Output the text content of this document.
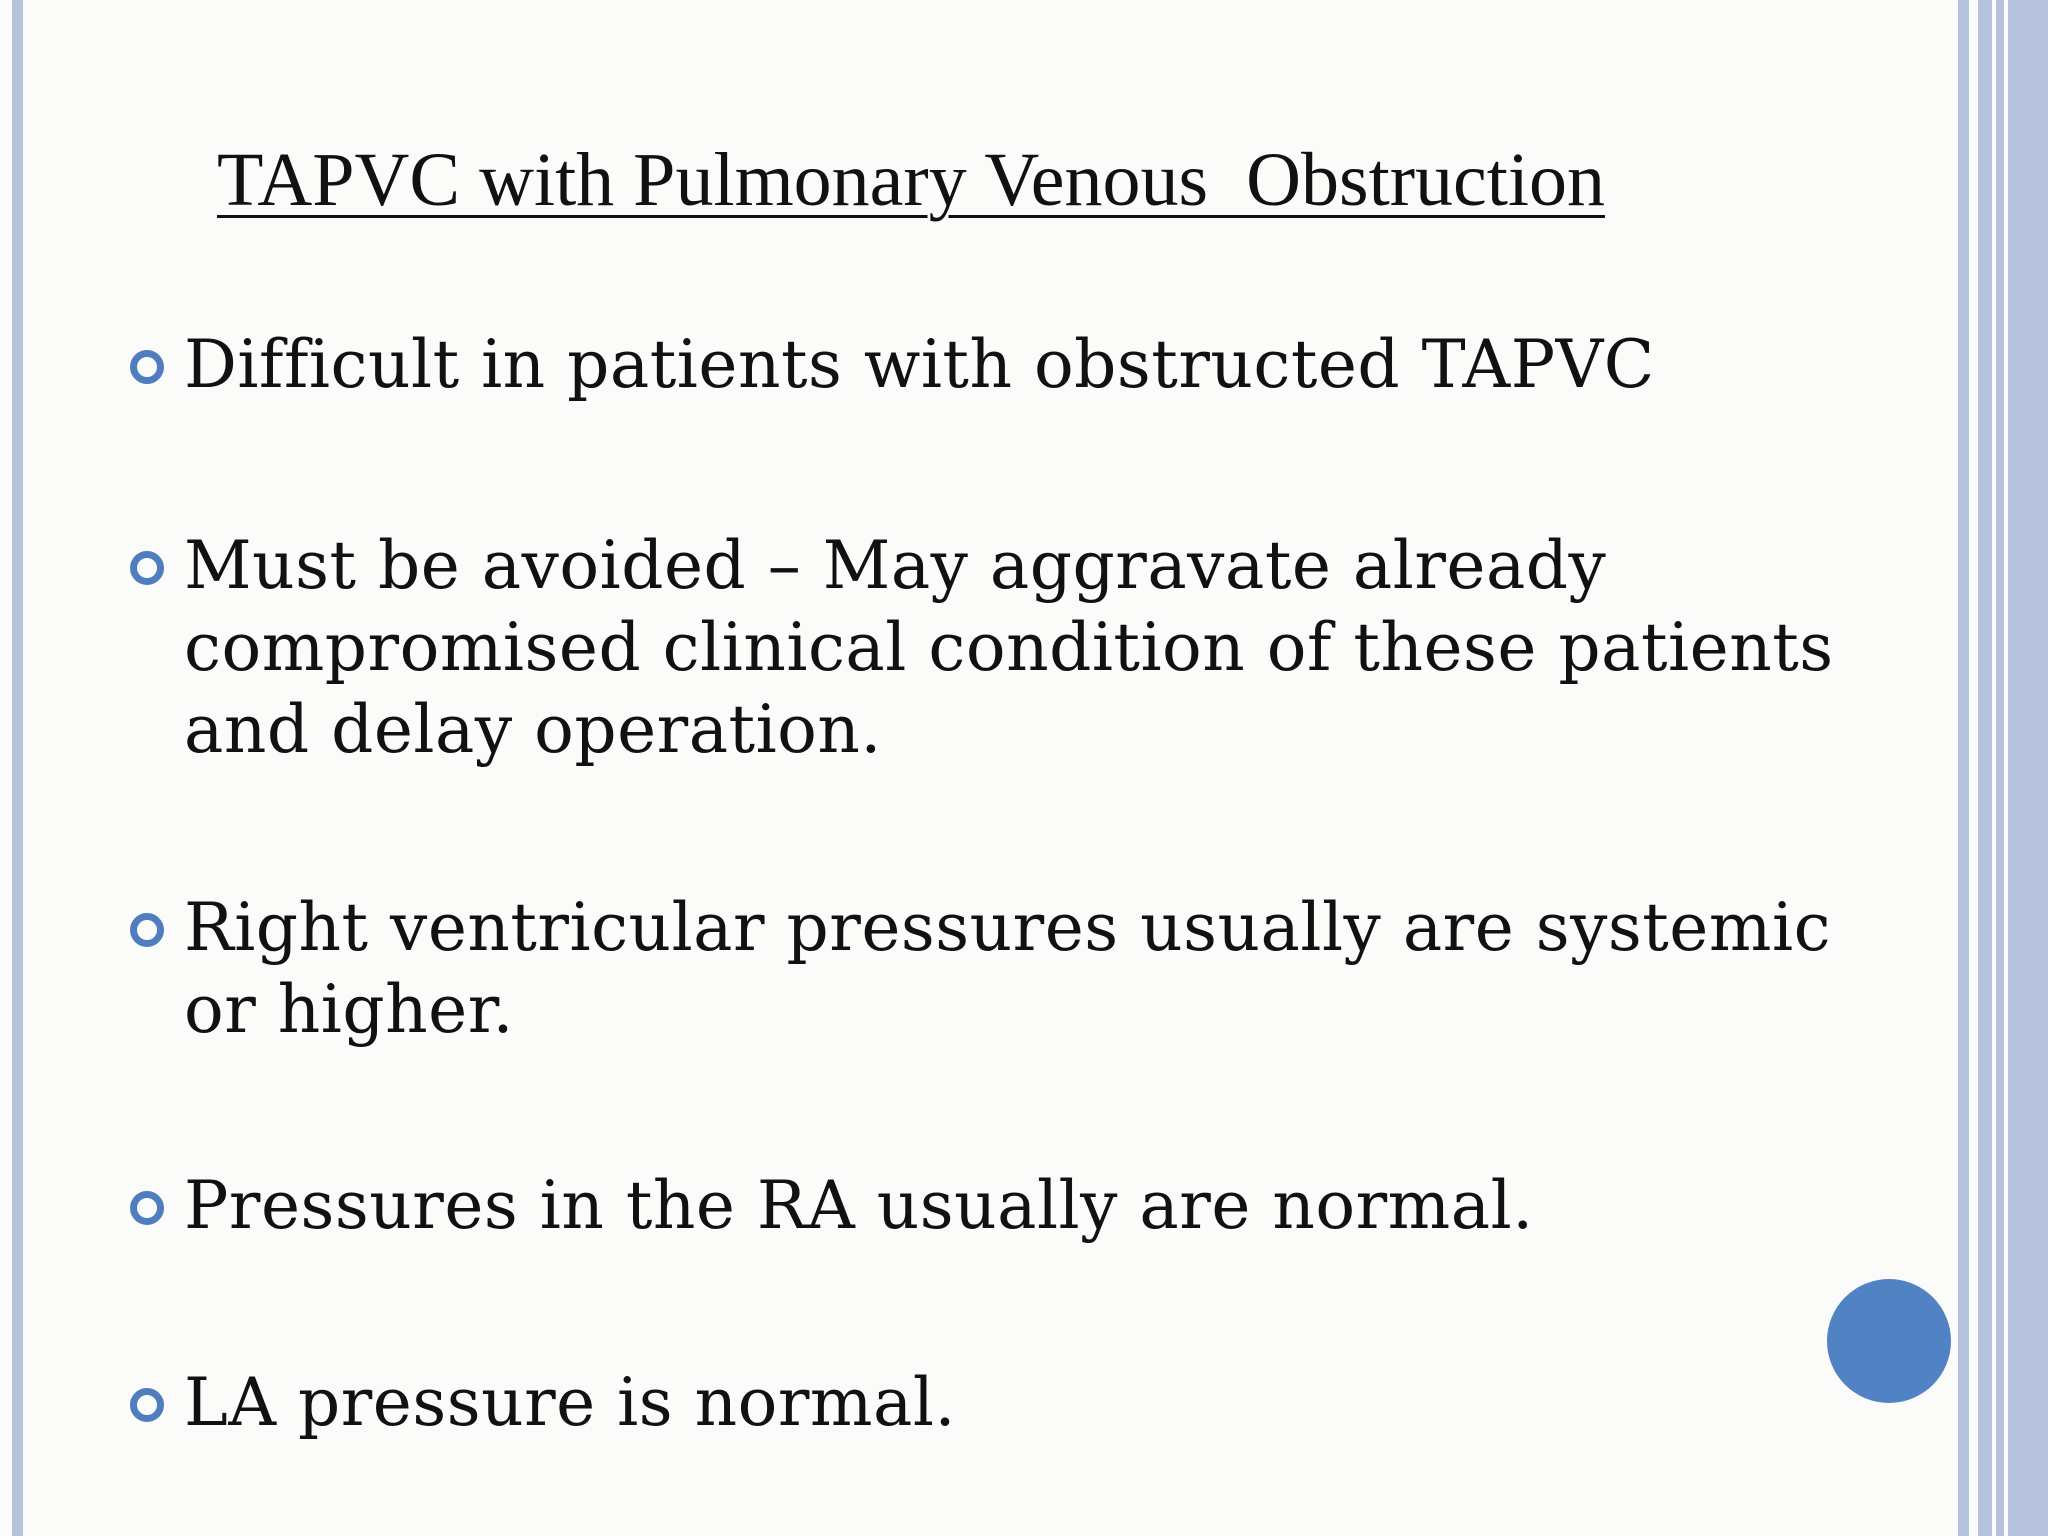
TAPVC with Pulmonary Venous  Obstruction
Difficult in patients with obstructed TAPVC
Must be avoided – May aggravate already compromised clinical condition of these patients and delay operation.
Right ventricular pressures usually are systemic or higher.
Pressures in the RA usually are normal.
LA pressure is normal.
